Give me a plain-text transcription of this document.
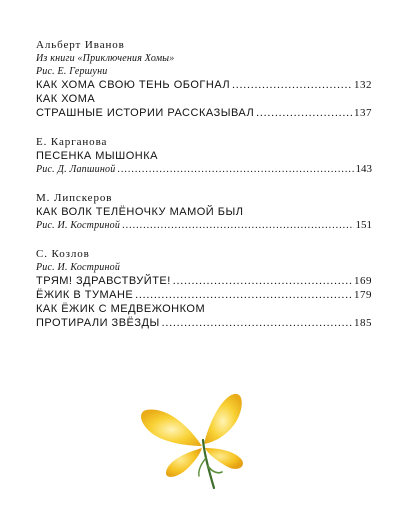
Альберт Иванов
Из книги «Приключения Хомы»
Рис. Е. Гершуни
КАК ХОМА СВОЮ ТЕНЬ ОБОГНАЛ .....	132
КАК ХОМА
СТРАШНЫЕ ИСТОРИИ РАССКАЗЫВАЛ .....	137
Е. Карганова
ПЕСЕНКА МЫШОНКА
Рис. Д. Лапшиной .....	143
М. Липскеров
КАК ВОЛК ТЕЛЁНОЧКУ МАМОЙ БЫЛ
Рис. И. Костриной .....	151
С. Козлов
Рис. И. Костриной
ТРЯМ! ЗДРАВСТВУЙТЕ! .....	169
ЁЖИК В ТУМАНЕ .....	179
КАК ЁЖИК С МЕДВЕЖОНКОМ
ПРОТИРАЛИ ЗВЁЗДЫ .....	185
